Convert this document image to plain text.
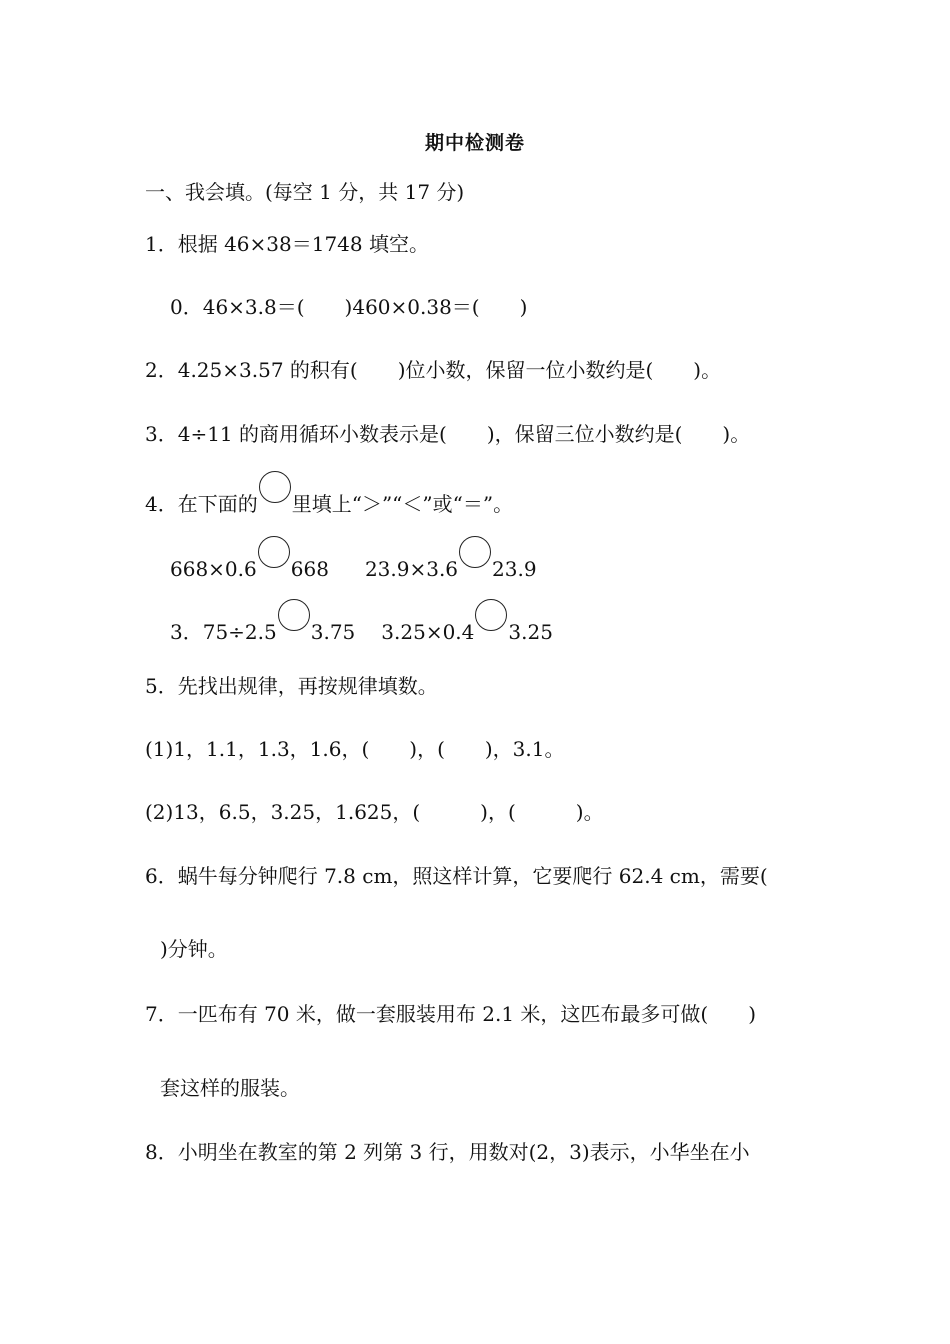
期中检测卷
一、我会填。(每空 1 分，共 17 分)
1．根据 46×38＝1748 填空。
0．46×3.8＝(　　)460×0.38＝(　　)
2．4.25×3.57 的积有(　　)位小数，保留一位小数约是(　　)。
3．4÷11 的商用循环小数表示是(　　)，保留三位小数约是(　　)。
4．在下面的 里填上“＞”“＜”或“＝”。
668×0.6 668 23.9×3.6 23.9
3．75÷2.5 3.75 3.25×0.4 3.25
5．先找出规律，再按规律填数。
(1)1，1.1，1.3，1.6，(　　)，(　　)，3.1。
(2)13，6.5，3.25，1.625，(　　　)，(　　　)。
6．蜗牛每分钟爬行 7.8 cm，照这样计算，它要爬行 62.4 cm，需要(
)分钟。
7．一匹布有 70 米，做一套服装用布 2.1 米，这匹布最多可做(　　)
套这样的服装。
8．小明坐在教室的第 2 列第 3 行，用数对(2，3)表示，小华坐在小
